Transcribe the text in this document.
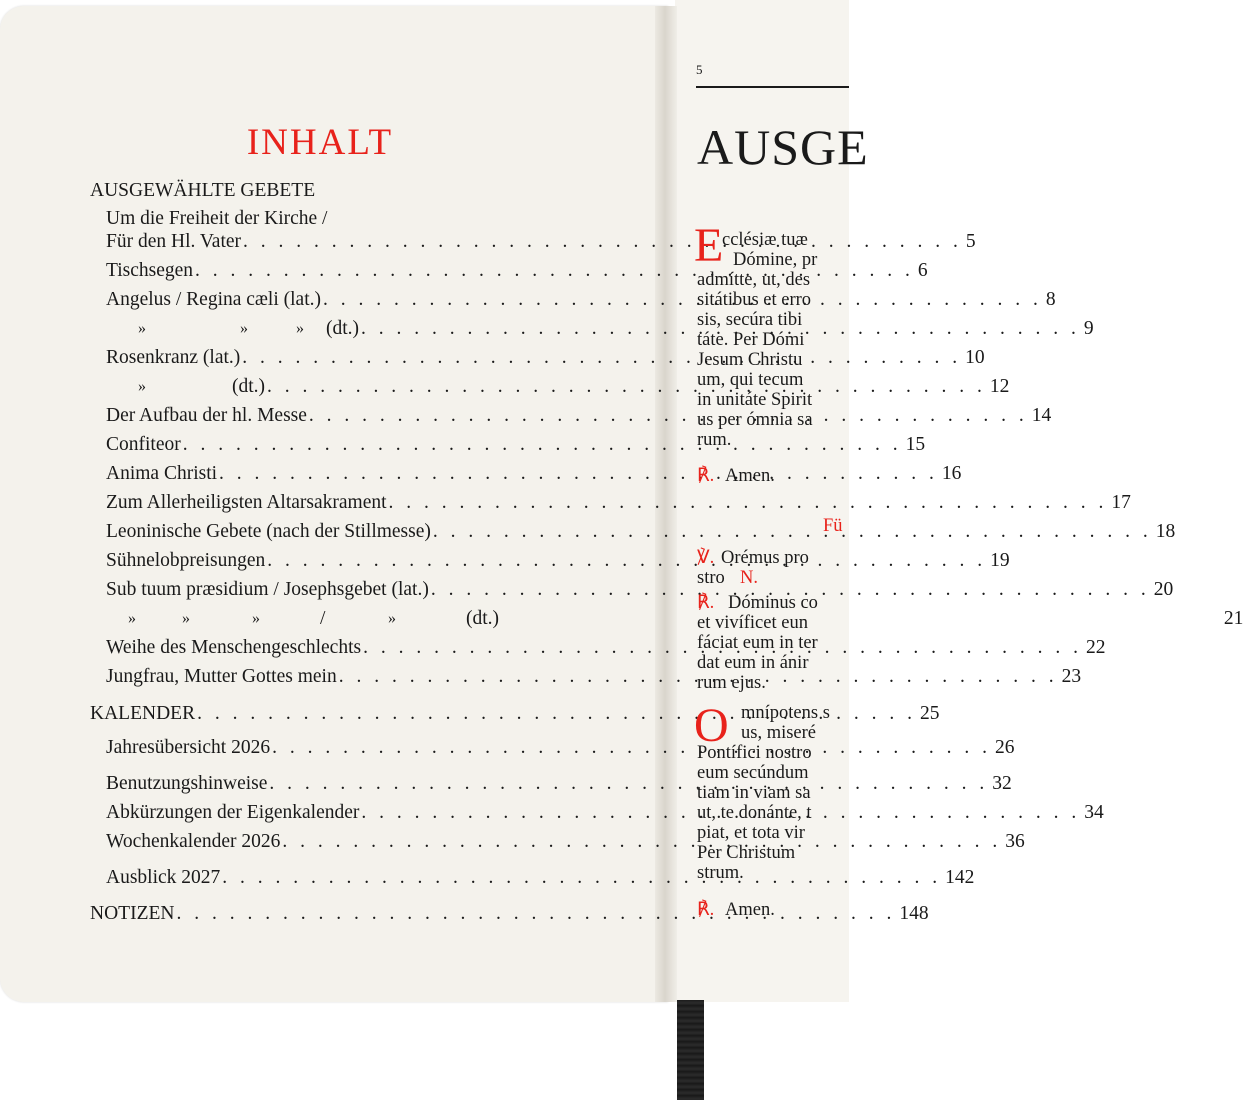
INHALT
AUSGEWÄHLTE GEBETE
Um die Freiheit der Kirche /
Für den Hl. Vater . . .	5
Tischsegen . . .	6
Angelus / Regina cæli (lat.) . . .	8
(dt.) . . .	9
Rosenkranz (lat.) . . .	10
(dt.) . . .	12
Der Aufbau der hl. Messe . . .	14
Confiteor . . .	15
Anima Christi . . .	16
Zum Allerheiligsten Altarsakrament . . .	17
Leoninische Gebete (nach der Stillmesse) . . .	18
Sühnelobpreisungen . . .	19
Sub tuum præsidium / Josephsgebet (lat.) . . .	20
(dt.)	21
Weihe des Menschengeschlechts . . .	22
Jungfrau, Mutter Gottes mein . . .	23
KALENDER . . .	25
Jahresübersicht 2026 . . .	26
Benutzungshinweise . . .	32
Abkürzungen der Eigenkalender . . .	34
Wochenkalender 2026 . . .	36
Ausblick 2027 . . .	142
NOTIZEN . . .	148
»	»	»
»
»	»	»	/	»
5
AUSGE
E
O
cclésiæ tuæ
Dómine, pr
admítte, ut, des
sitátibus et erro
sis, secúra tibi
táte. Per Dómi
Jesum Christu
um, qui tecum
in unitáte Spirit
us per ómnia sa
rum.
℟. Amen.
Fü
℣. Orémus pro
stro N.
℟. Dóminus co
et vivíficet eun
fáciat eum in ter
dat eum in ánir
rum ejus.
mnípotens s
us, miseré
Pontífici nostro
eum secúndum
tiam in viam sa
ut, te donánte, t
piat, et tota vir
Per Christum
strum.
℟. Amen.
